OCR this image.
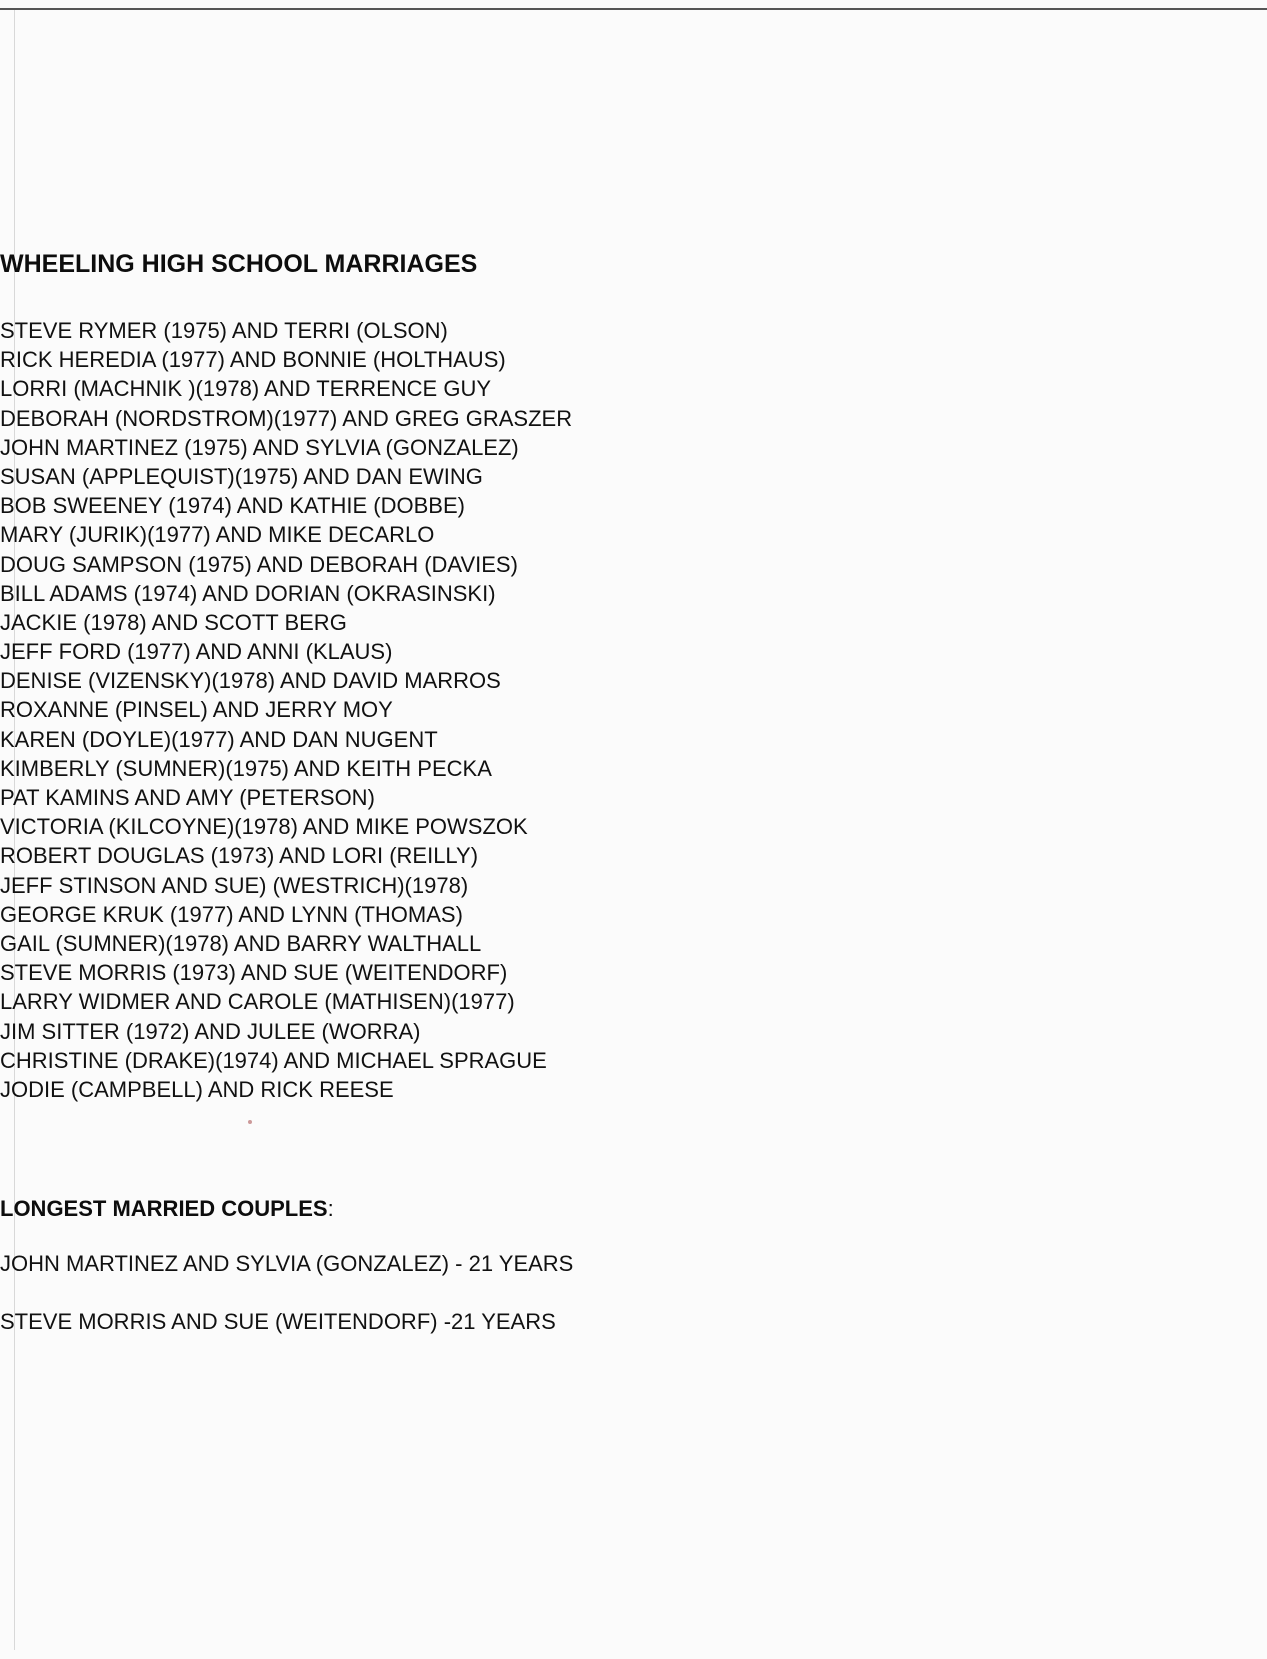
WHEELING HIGH SCHOOL MARRIAGES
STEVE RYMER (1975) AND TERRI (OLSON)
RICK HEREDIA (1977) AND BONNIE (HOLTHAUS)
LORRI (MACHNIK )(1978) AND TERRENCE GUY
DEBORAH (NORDSTROM)(1977) AND GREG GRASZER
JOHN MARTINEZ (1975) AND SYLVIA (GONZALEZ)
SUSAN (APPLEQUIST)(1975) AND DAN EWING
BOB SWEENEY (1974) AND KATHIE (DOBBE)
MARY (JURIK)(1977) AND MIKE DECARLO
DOUG SAMPSON (1975) AND DEBORAH (DAVIES)
BILL ADAMS (1974) AND DORIAN (OKRASINSKI)
JACKIE (1978) AND SCOTT BERG
JEFF FORD (1977) AND ANNI (KLAUS)
DENISE (VIZENSKY)(1978) AND DAVID MARROS
ROXANNE (PINSEL) AND JERRY MOY
KAREN (DOYLE)(1977) AND DAN NUGENT
KIMBERLY (SUMNER)(1975) AND KEITH PECKA
PAT KAMINS AND AMY (PETERSON)
VICTORIA (KILCOYNE)(1978) AND MIKE POWSZOK
ROBERT DOUGLAS (1973) AND LORI (REILLY)
JEFF STINSON AND SUE) (WESTRICH)(1978)
GEORGE KRUK (1977) AND LYNN (THOMAS)
GAIL (SUMNER)(1978) AND BARRY WALTHALL
STEVE MORRIS (1973) AND SUE (WEITENDORF)
LARRY WIDMER AND CAROLE (MATHISEN)(1977)
JIM SITTER (1972) AND JULEE (WORRA)
CHRISTINE (DRAKE)(1974) AND MICHAEL SPRAGUE
JODIE (CAMPBELL) AND RICK REESE
LONGEST MARRIED COUPLES:
JOHN MARTINEZ AND SYLVIA (GONZALEZ) - 21 YEARS
STEVE MORRIS AND SUE (WEITENDORF) -21 YEARS
